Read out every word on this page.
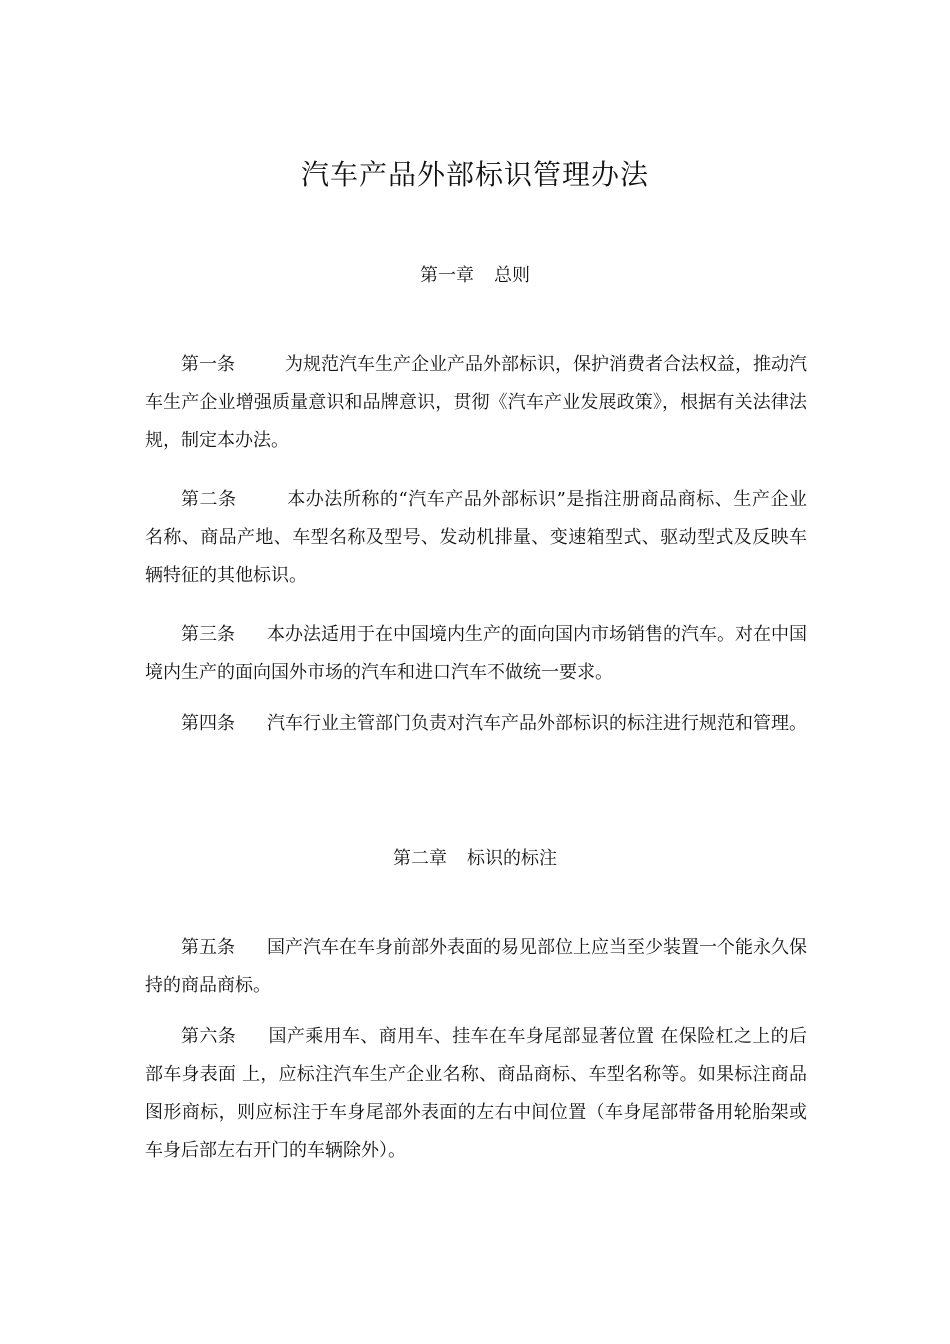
汽车产品外部标识管理办法
第一章 总则

第一条	为规范汽车生产企业产品外部标识，保护消费者合法权益，推动汽车生产企业增强质量意识和品牌意识，贯彻《汽车产业发展政策》，根据有关法律法规，制定本办法。

第二条	本办法所称的“汽车产品外部标识”是指注册商品商标、生产企业名称、商品产地、车型名称及型号、发动机排量、变速箱型式、驱动型式及反映车辆特征的其他标识。

第三条 本办法适用于在中国境内生产的面向国内市场销售的汽车。对在中国境内生产的面向国外市场的汽车和进口汽车不做统一要求。

第四条 汽车行业主管部门负责对汽车产品外部标识的标注进行规范和管理。

第二章 标识的标注

第五条 国产汽车在车身前部外表面的易见部位上应当至少装置一个能永久保持的商品商标。

第六条 国产乘用车、商用车、挂车在车身尾部显著位置 在保险杠之上的后部车身表面 上，应标注汽车生产企业名称、商品商标、车型名称等。如果标注商品图形商标，则应标注于车身尾部外表面的左右中间位置（车身尾部带备用轮胎架或车身后部左右开门的车辆除外）。
